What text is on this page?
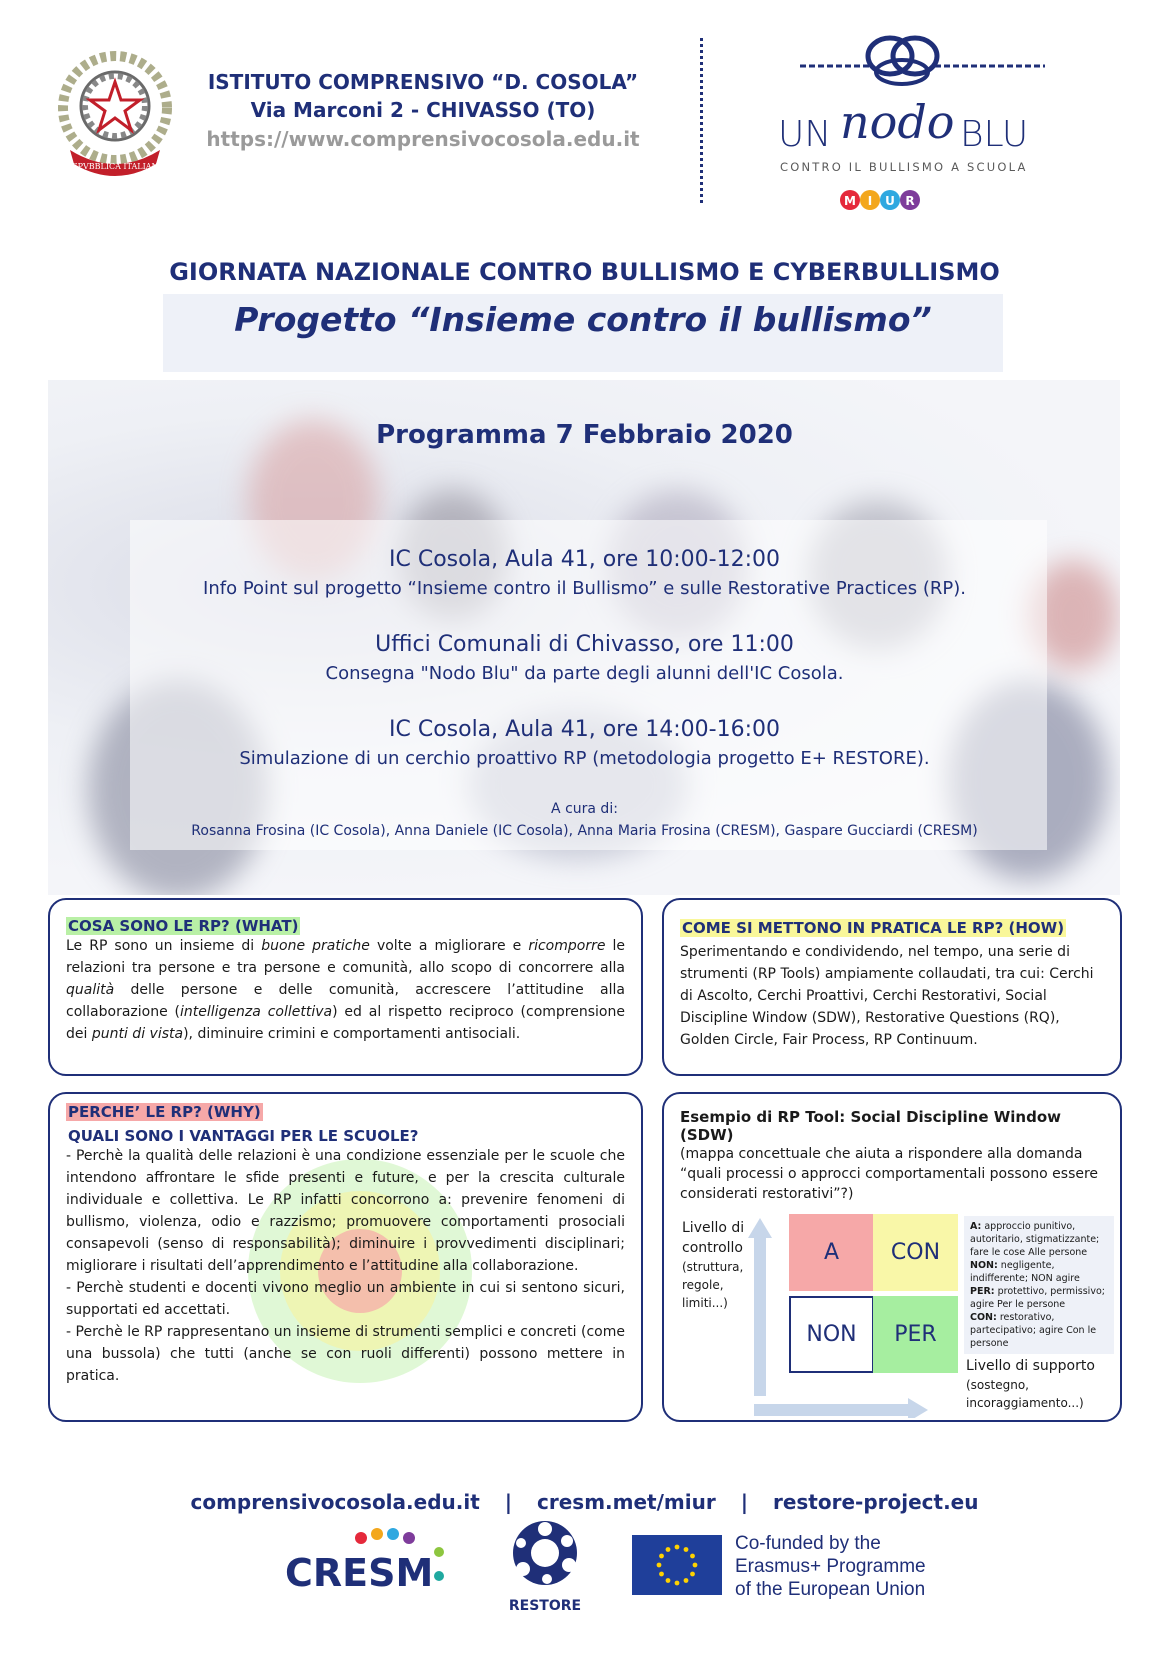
REPVBBLICA ITALIANA
ISTITUTO COMPRENSIVO “D. COSOLA”
Via Marconi 2 - CHIVASSO (TO)
https://www.comprensivocosola.edu.it	UN nodo BLU
CONTRO IL BULLISMO A SCUOLA
M I U R
GIORNATA NAZIONALE CONTRO BULLISMO E CYBERBULLISMO
Progetto “Insieme contro il bullismo”
Programma 7 Febbraio 2020
IC Cosola, Aula 41, ore 10:00-12:00
Info Point sul progetto “Insieme contro il Bullismo” e sulle Restorative Practices (RP).
Uffici Comunali di Chivasso, ore 11:00
Consegna "Nodo Blu" da parte degli alunni dell'IC Cosola.
IC Cosola, Aula 41, ore 14:00-16:00
Simulazione di un cerchio proattivo RP (metodologia progetto E+ RESTORE).
A cura di:
Rosanna Frosina (IC Cosola), Anna Daniele (IC Cosola), Anna Maria Frosina (CRESM), Gaspare Gucciardi (CRESM)
COSA SONO LE RP? (WHAT)

Le RP sono un insieme di buone pratiche volte a migliorare e ricomporre le relazioni tra persone e tra persone e comunità, allo scopo di concorrere alla qualità delle persone e delle comunità, accrescere l’attitudine alla collaborazione (intelligenza collettiva) ed al rispetto reciproco (comprensione dei punti di vista), diminuire crimini e comportamenti antisociali.

COME SI METTONO IN PRATICA LE RP? (HOW)

Sperimentando e condividendo, nel tempo, una serie di strumenti (RP Tools) ampiamente collaudati, tra cui: Cerchi di Ascolto, Cerchi Proattivi, Cerchi Restorativi, Social Discipline Window (SDW), Restorative Questions (RQ), Golden Circle, Fair Process, RP Continuum.

PERCHE’ LE RP? (WHY)
QUALI SONO I VANTAGGI PER LE SCUOLE?

- Perchè la qualità delle relazioni è una condizione essenziale per le scuole che intendono affrontare le sfide presenti e future, e per la crescita culturale individuale e collettiva. Le RP infatti concorrono a: prevenire fenomeni di bullismo, violenza, odio e razzismo; promuovere comportamenti prosociali consapevoli (senso di responsabilità); diminuire i provvedimenti disciplinari; migliorare i risultati dell’apprendimento e l’attitudine alla collaborazione.

- Perchè studenti e docenti vivono meglio un ambiente in cui si sentono sicuri, supportati ed accettati.

- Perchè le RP rappresentano un insieme di strumenti semplici e concreti (come una bussola) che tutti (anche se con ruoli differenti) possono mettere in pratica.

Esempio di RP Tool: Social Discipline Window (SDW)

(mappa concettuale che aiuta a rispondere alla domanda “quali processi o approcci comportamentali possono essere considerati restorativi”?)

Livello di controllo
(struttura, regole, limiti...)
A	CON
NON	PER
A: approccio punitivo, autoritario, stigmatizzante; fare le cose Alle persone
NON: negligente, indifferente; NON agire
PER: protettivo, permissivo; agire Per le persone
CON: restorativo, partecipativo; agire Con le persone
Livello di supporto
(sostegno, incoraggiamento...)
comprensivocosola.edu.it | cresm.met/miur | restore-project.eu
CRESM
RESTORE
Co-funded by the
Erasmus+ Programme
of the European Union
